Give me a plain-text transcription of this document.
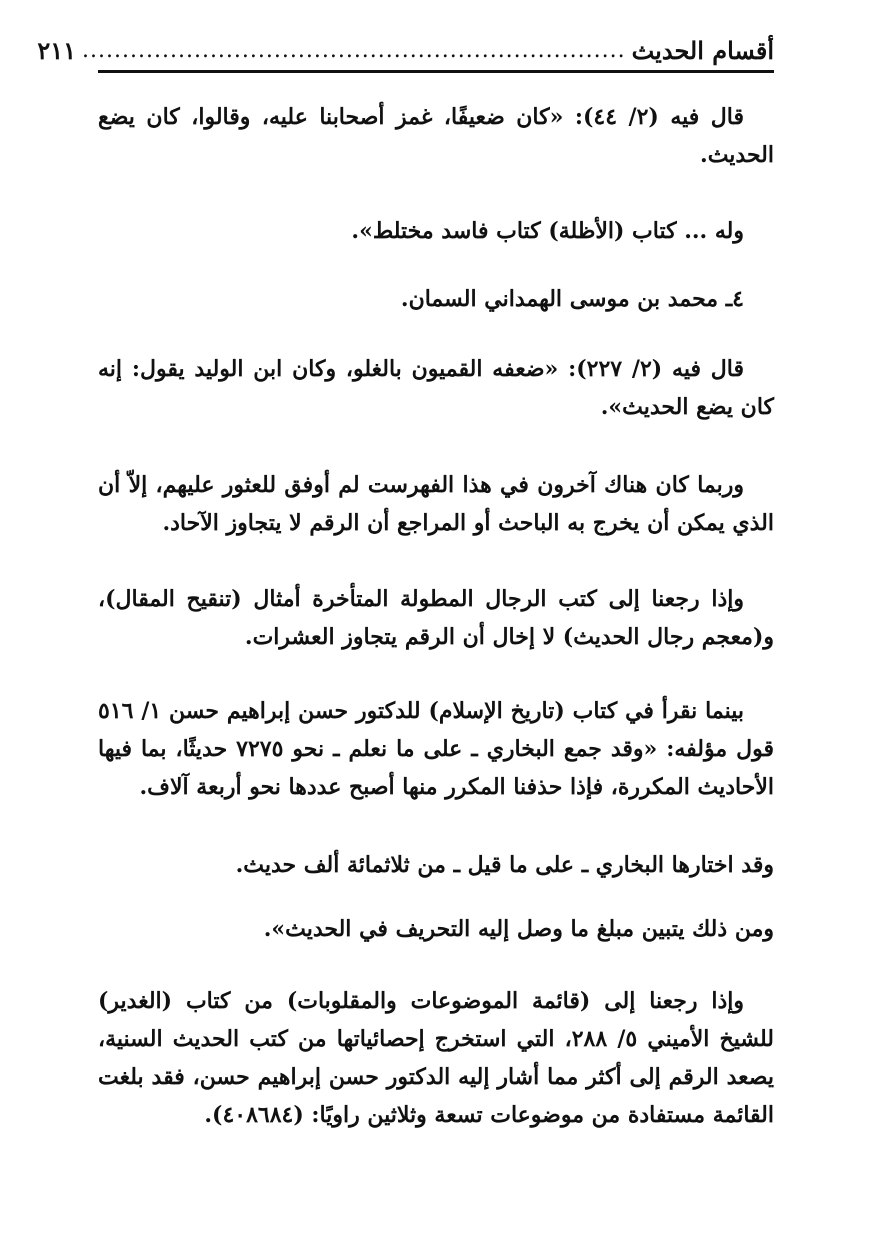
أقسام الحديث
....................................................................
٢١١

قال فيه (٢/ ٤٤): «كان ضعيفًا، غمز أصحابنا عليه، وقالوا، كان يضع الحديث.

وله ... كتاب (الأظلة) كتاب فاسد مختلط».

٤ـ محمد بن موسى الهمداني السمان.

قال فيه (٢/ ٢٢٧): «ضعفه القميون بالغلو، وكان ابن الوليد يقول: إنه كان يضع الحديث».

وربما كان هناك آخرون في هذا الفهرست لم أوفق للعثور عليهم، إلاّ أن الذي يمكن أن يخرج به الباحث أو المراجع أن الرقم لا يتجاوز الآحاد.

وإذا رجعنا إلى كتب الرجال المطولة المتأخرة أمثال (تنقيح المقال)، و(معجم رجال الحديث) لا إخال أن الرقم يتجاوز العشرات.

بينما نقرأ في كتاب (تاريخ الإسلام) للدكتور حسن إبراهيم حسن ١/ ٥١٦ قول مؤلفه: «وقد جمع البخاري ـ على ما نعلم ـ نحو ٧٢٧٥ حديثًا، بما فيها الأحاديث المكررة، فإذا حذفنا المكرر منها أصبح عددها نحو أربعة آلاف.

وقد اختارها البخاري ـ على ما قيل ـ من ثلاثمائة ألف حديث.

ومن ذلك يتبين مبلغ ما وصل إليه التحريف في الحديث».

وإذا رجعنا إلى (قائمة الموضوعات والمقلوبات) من كتاب (الغدير) للشيخ الأميني ٥/ ٢٨٨، التي استخرج إحصائياتها من كتب الحديث السنية، يصعد الرقم إلى أكثر مما أشار إليه الدكتور حسن إبراهيم حسن، فقد بلغت القائمة مستفادة من موضوعات تسعة وثلاثين راويًا: (٤٠٨٦٨٤).
